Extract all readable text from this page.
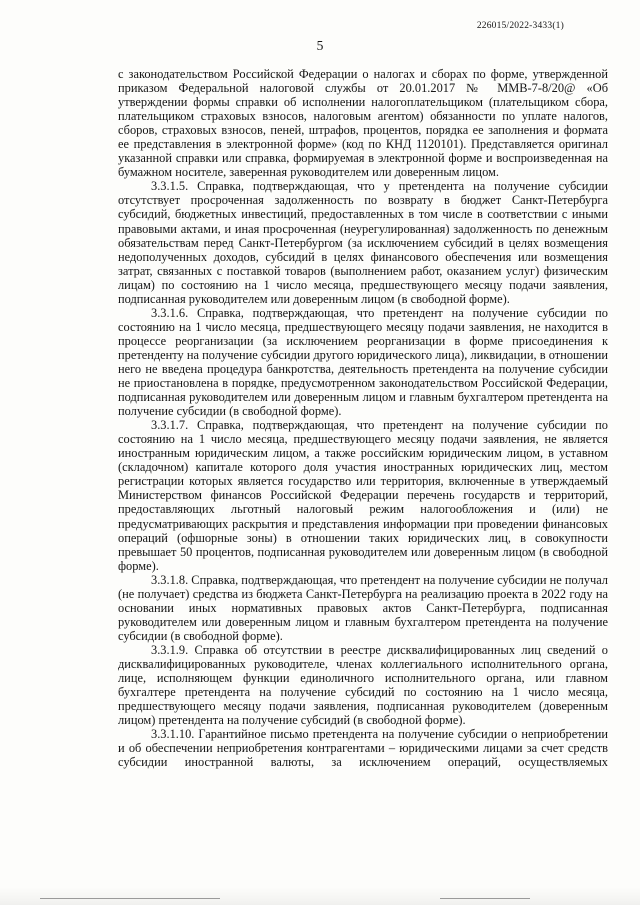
226015/2022-3433(1)
5

с законодательством Российской Федерации о налогах и сборах по форме, утвержденной приказом Федеральной налоговой службы от 20.01.2017 № ММВ-7-8/20@ «Об утверждении формы справки об исполнении налогоплательщиком (плательщиком сбора, плательщиком страховых взносов, налоговым агентом) обязанности по уплате налогов, сборов, страховых взносов, пеней, штрафов, процентов, порядка ее заполнения и формата ее представления в электронной форме» (код по КНД 1120101). Представляется оригинал указанной справки или справка, формируемая в электронной форме и воспроизведенная на бумажном носителе, заверенная руководителем или доверенным лицом.

3.3.1.5. Справка, подтверждающая, что у претендента на получение субсидии отсутствует просроченная задолженность по возврату в бюджет Санкт-Петербурга субсидий, бюджетных инвестиций, предоставленных в том числе в соответствии с иными правовыми актами, и иная просроченная (неурегулированная) задолженность по денежным обязательствам перед Санкт-Петербургом (за исключением субсидий в целях возмещения недополученных доходов, субсидий в целях финансового обеспечения или возмещения затрат, связанных с поставкой товаров (выполнением работ, оказанием услуг) физическим лицам) по состоянию на 1 число месяца, предшествующего месяцу подачи заявления, подписанная руководителем или доверенным лицом (в свободной форме).

3.3.1.6. Справка, подтверждающая, что претендент на получение субсидии по состоянию на 1 число месяца, предшествующего месяцу подачи заявления, не находится в процессе реорганизации (за исключением реорганизации в форме присоединения к претенденту на получение субсидии другого юридического лица), ликвидации, в отношении него не введена процедура банкротства, деятельность претендента на получение субсидии не приостановлена в порядке, предусмотренном законодательством Российской Федерации, подписанная руководителем или доверенным лицом и главным бухгалтером претендента на получение субсидии (в свободной форме).

3.3.1.7. Справка, подтверждающая, что претендент на получение субсидии по состоянию на 1 число месяца, предшествующего месяцу подачи заявления, не является иностранным юридическим лицом, а также российским юридическим лицом, в уставном (складочном) капитале которого доля участия иностранных юридических лиц, местом регистрации которых является государство или территория, включенные в утверждаемый Министерством финансов Российской Федерации перечень государств и территорий, предоставляющих льготный налоговый режим налогообложения и (или) не предусматривающих раскрытия и представления информации при проведении финансовых операций (офшорные зоны) в отношении таких юридических лиц, в совокупности превышает 50 процентов, подписанная руководителем или доверенным лицом (в свободной форме).

3.3.1.8. Справка, подтверждающая, что претендент на получение субсидии не получал (не получает) средства из бюджета Санкт-Петербурга на реализацию проекта в 2022 году на основании иных нормативных правовых актов Санкт-Петербурга, подписанная руководителем или доверенным лицом и главным бухгалтером претендента на получение субсидии (в свободной форме).

3.3.1.9. Справка об отсутствии в реестре дисквалифицированных лиц сведений о дисквалифицированных руководителе, членах коллегиального исполнительного органа, лице, исполняющем функции единоличного исполнительного органа, или главном бухгалтере претендента на получение субсидий по состоянию на 1 число месяца, предшествующего месяцу подачи заявления, подписанная руководителем (доверенным лицом) претендента на получение субсидий (в свободной форме).

3.3.1.10. Гарантийное письмо претендента на получение субсидии о неприобретении и об обеспечении неприобретения контрагентами – юридическими лицами за счет средств субсидии иностранной валюты, за исключением операций, осуществляемых
